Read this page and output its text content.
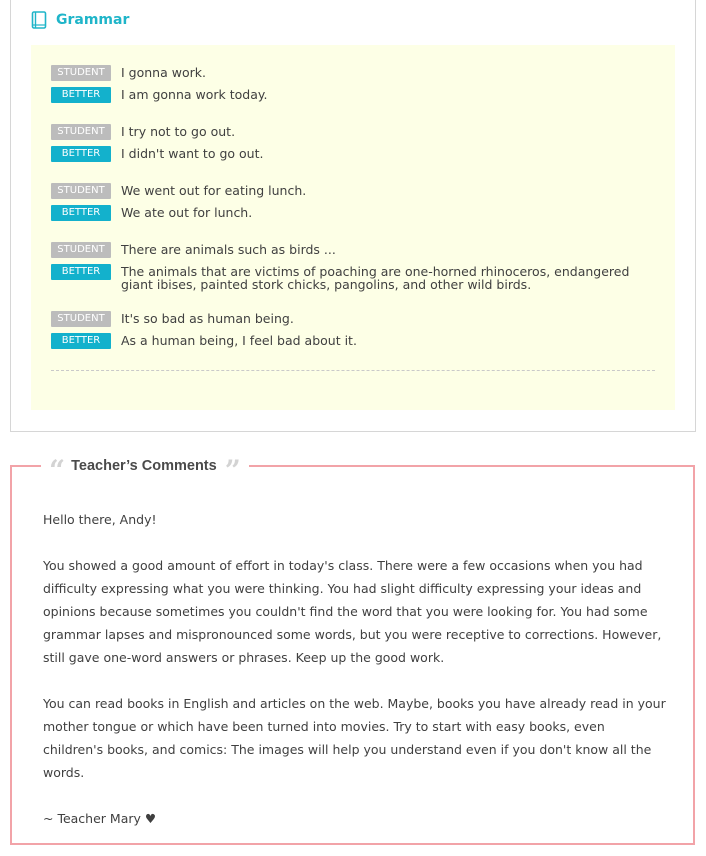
Grammar
STUDENT	I gonna work.
BETTER	I am gonna work today.
STUDENT	I try not to go out.
BETTER	I didn't want to go out.
STUDENT	We went out for eating lunch.
BETTER	We ate out for lunch.
STUDENT	There are animals such as birds ...
BETTER	The animals that are victims of poaching are one-horned rhinoceros, endangered giant ibises, painted stork chicks, pangolins, and other wild birds.
STUDENT	It's so bad as human being.
BETTER	As a human being, I feel bad about it.
“ Teacher’s Comments ”

Hello there, Andy!

You showed a good amount of effort in today's class. There were a few occasions when you had difficulty expressing what you were thinking. You had slight difficulty expressing your ideas and opinions because sometimes you couldn't find the word that you were looking for. You had some grammar lapses and mispronounced some words, but you were receptive to corrections. However, still gave one-word answers or phrases. Keep up the good work.

You can read books in English and articles on the web. Maybe, books you have already read in your mother tongue or which have been turned into movies. Try to start with easy books, even children's books, and comics: The images will help you understand even if you don't know all the words.

~ Teacher Mary ♥
